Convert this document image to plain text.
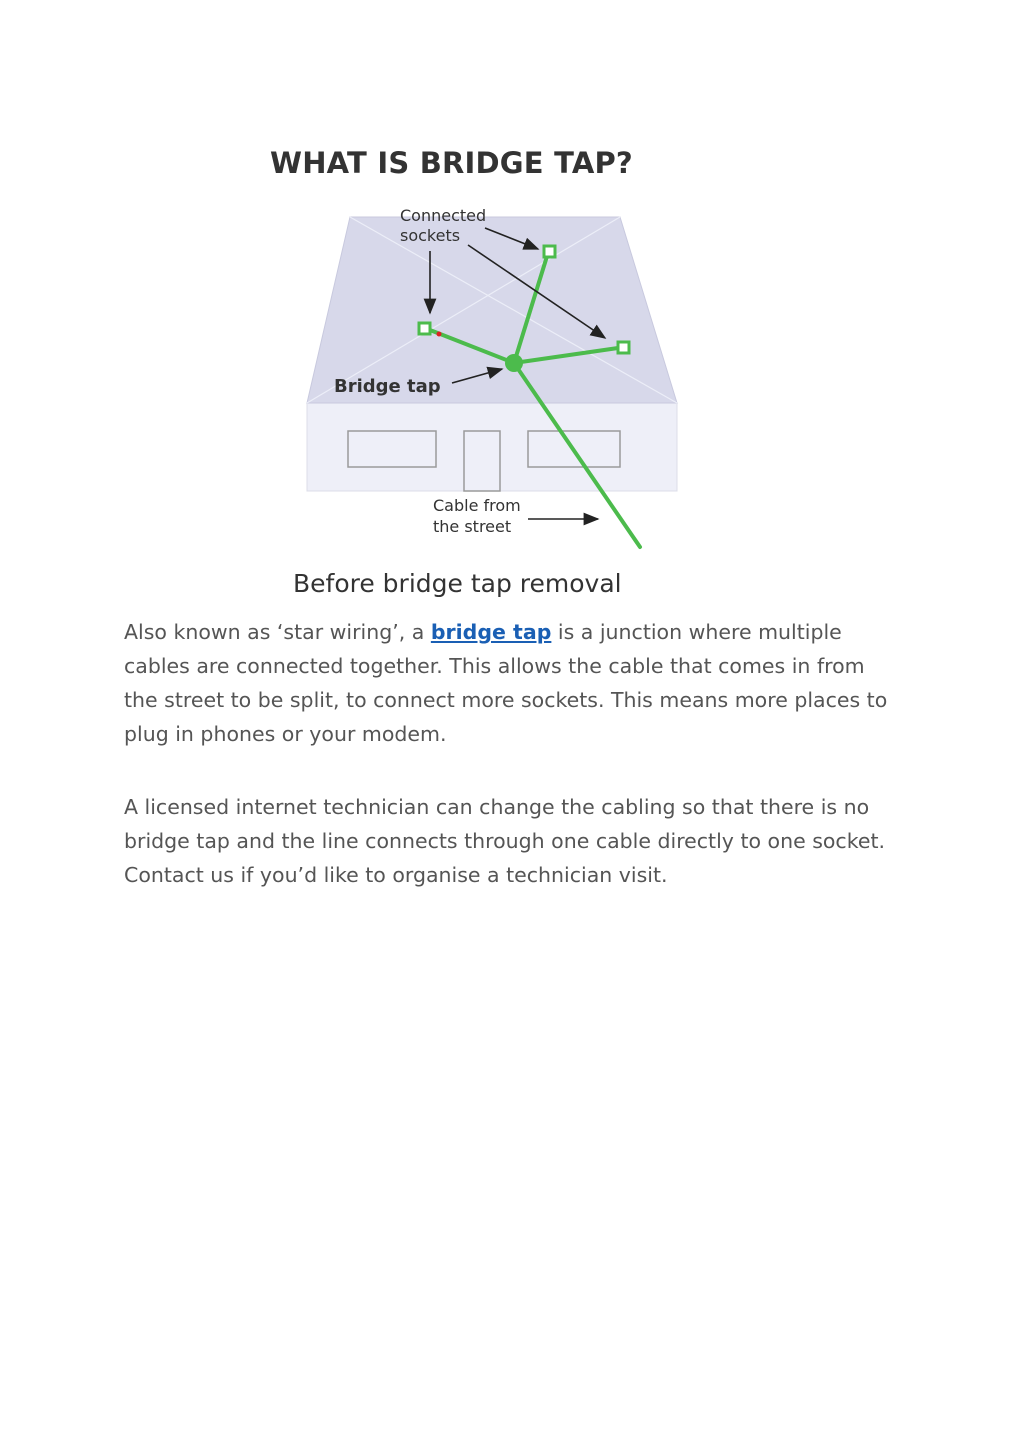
WHAT IS BRIDGE TAP?
Connected
sockets
Bridge tap
Cable from
the street
Before bridge tap removal

Also known as ‘star wiring’, a bridge tap is a junction where multiple cables are connected together. This allows the cable that comes in from the street to be split, to connect more sockets. This means more places to plug in phones or your modem.

A licensed internet technician can change the cabling so that there is no bridge tap and the line connects through one cable directly to one socket. Contact us if you’d like to organise a technician visit.
